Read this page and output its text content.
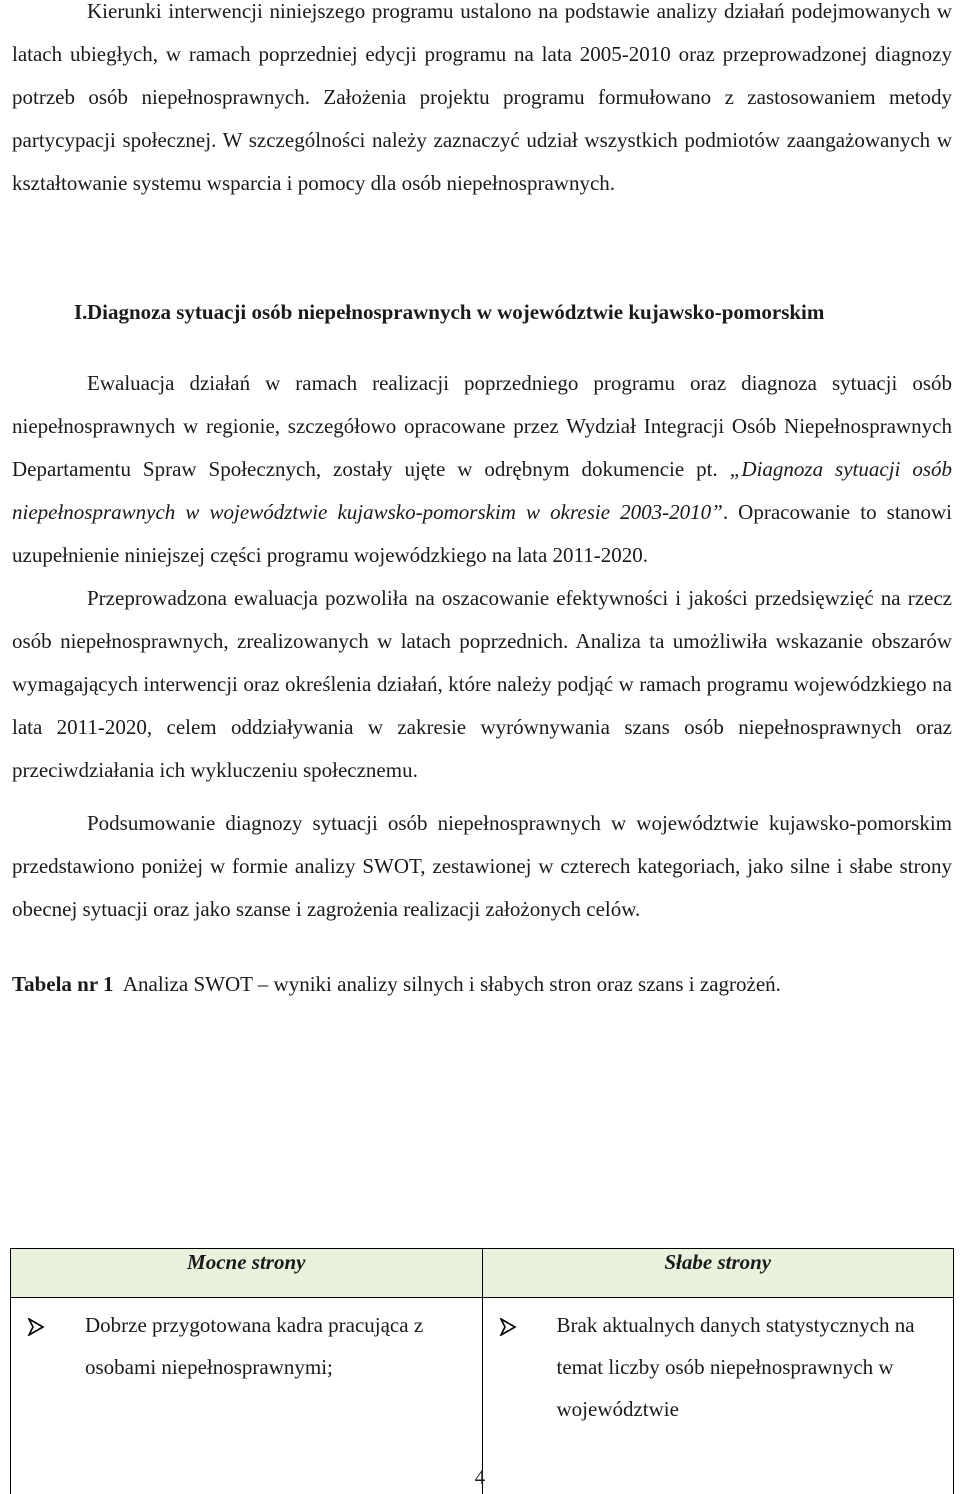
Kierunki interwencji niniejszego programu ustalono na podstawie analizy działań podejmowanych w latach ubiegłych, w ramach poprzedniej edycji programu na lata 2005-2010 oraz przeprowadzonej diagnozy potrzeb osób niepełnosprawnych. Założenia projektu programu formułowano z zastosowaniem metody partycypacji społecznej. W szczególności należy zaznaczyć udział wszystkich podmiotów zaangażowanych w kształtowanie systemu wsparcia i pomocy dla osób niepełnosprawnych.

I. Diagnoza sytuacji osób niepełnosprawnych w województwie kujawsko-pomorskim

Ewaluacja działań w ramach realizacji poprzedniego programu oraz diagnoza sytuacji osób niepełnosprawnych w regionie, szczegółowo opracowane przez Wydział Integracji Osób Niepełnosprawnych Departamentu Spraw Społecznych, zostały ujęte w odrębnym dokumencie pt. „Diagnoza sytuacji osób niepełnosprawnych w województwie kujawsko-pomorskim w okresie 2003-2010”. Opracowanie to stanowi uzupełnienie niniejszej części programu wojewódzkiego na lata 2011-2020.

Przeprowadzona ewaluacja pozwoliła na oszacowanie efektywności i jakości przedsięwzięć na rzecz osób niepełnosprawnych, zrealizowanych w latach poprzednich. Analiza ta umożliwiła wskazanie obszarów wymagających interwencji oraz określenia działań, które należy podjąć w ramach programu wojewódzkiego na lata 2011-2020, celem oddziaływania w zakresie wyrównywania szans osób niepełnosprawnych oraz przeciwdziałania ich wykluczeniu społecznemu.

Podsumowanie diagnozy sytuacji osób niepełnosprawnych w województwie kujawsko-pomorskim przedstawiono poniżej w formie analizy SWOT, zestawionej w czterech kategoriach, jako silne i słabe strony obecnej sytuacji oraz jako szanse i zagrożenia realizacji założonych celów.

Tabela nr 1 Analiza SWOT – wyniki analizy silnych i słabych stron oraz szans i zagrożeń.
Mocne strony	Słabe strony

Dobrze przygotowana kadra pracująca z osobami niepełnosprawnymi;	Brak aktualnych danych statystycznych na temat liczby osób niepełnosprawnych w województwie
4
